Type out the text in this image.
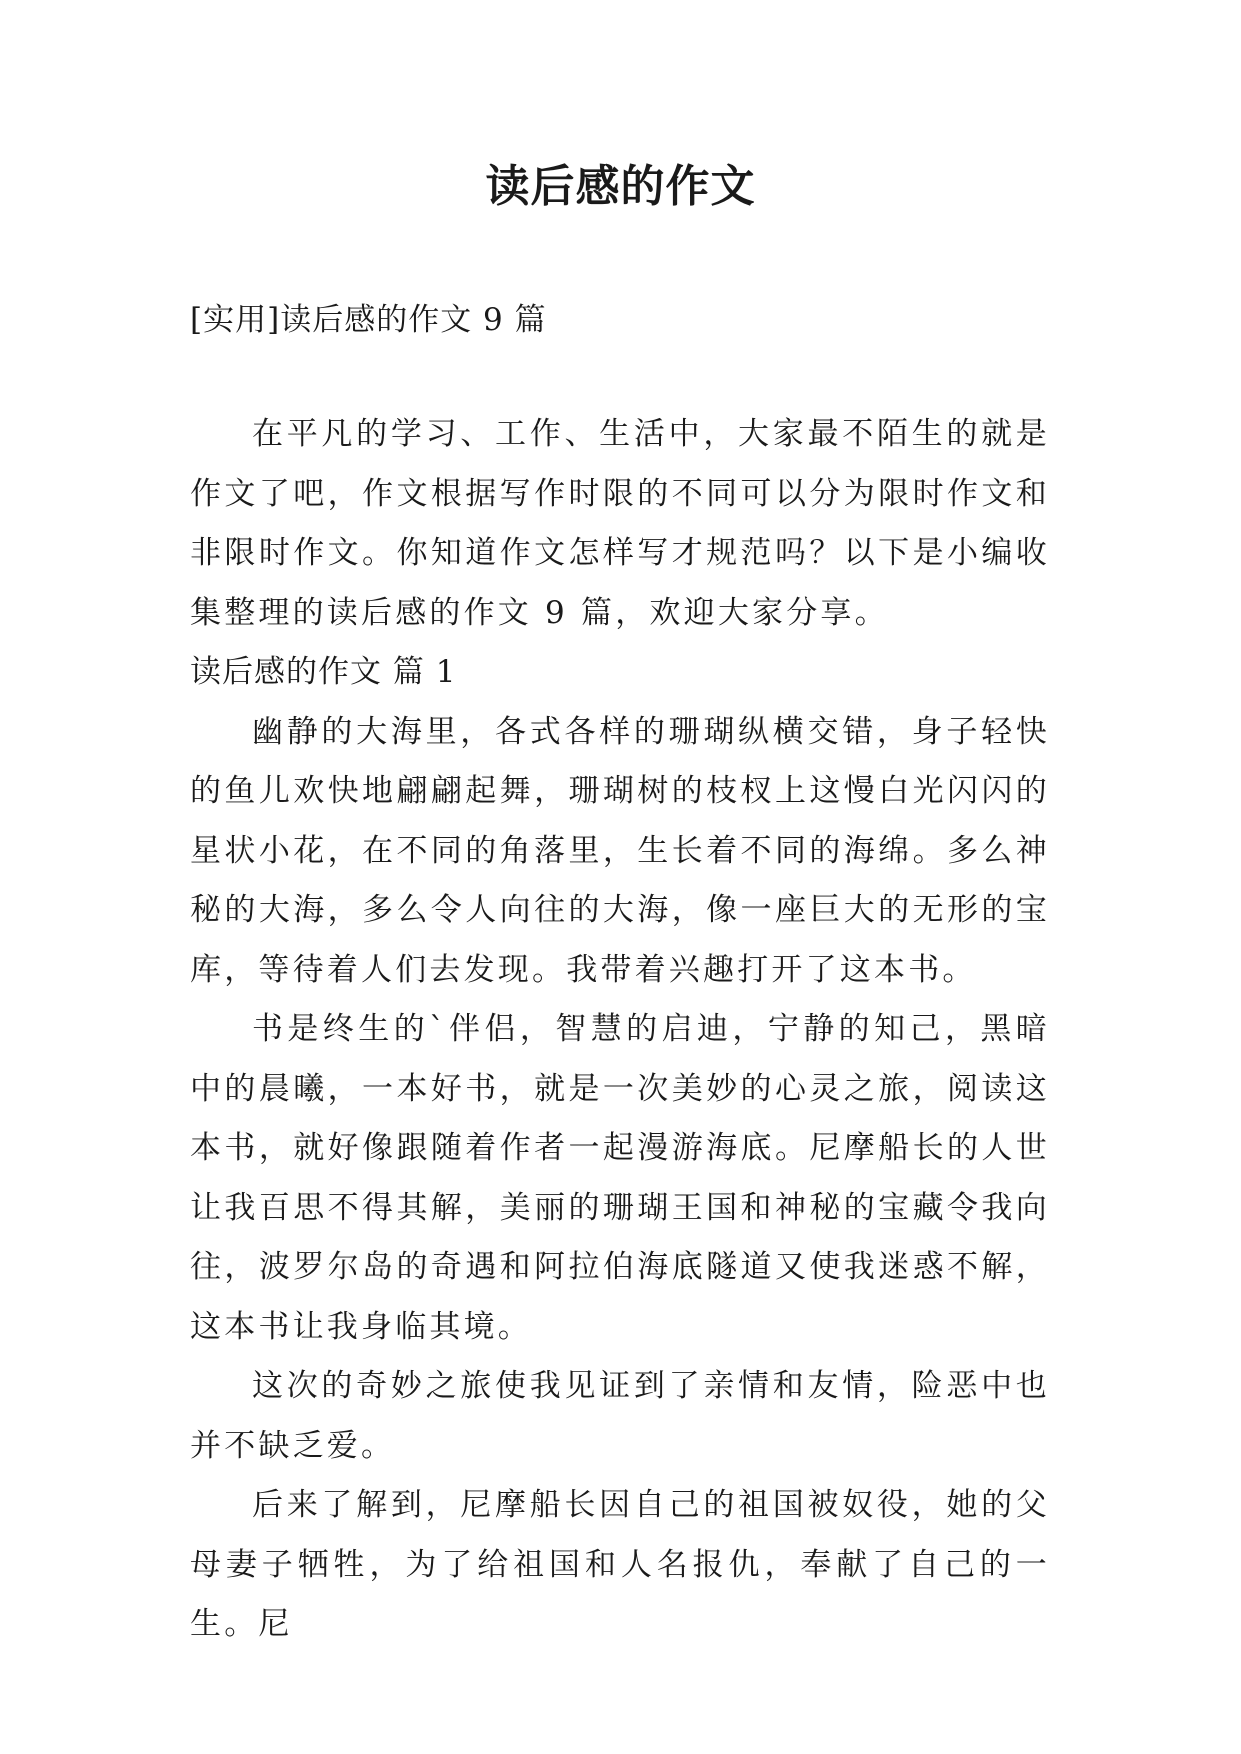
读后感的作文

[实用]读后感的作文 9 篇

在平凡的学习、工作、生活中，大家最不陌生的就是作文了吧，作文根据写作时限的不同可以分为限时作文和非限时作文。你知道作文怎样写才规范吗？以下是小编收集整理的读后感的作文 9 篇，欢迎大家分享。

读后感的作文 篇 1

幽静的大海里，各式各样的珊瑚纵横交错，身子轻快的鱼儿欢快地翩翩起舞，珊瑚树的枝杈上这慢白光闪闪的星状小花，在不同的角落里，生长着不同的海绵。多么神秘的大海，多么令人向往的大海，像一座巨大的无形的宝库，等待着人们去发现。我带着兴趣打开了这本书。

书是终生的`伴侣，智慧的启迪，宁静的知己，黑暗中的晨曦，一本好书，就是一次美妙的心灵之旅，阅读这本书，就好像跟随着作者一起漫游海底。尼摩船长的人世让我百思不得其解，美丽的珊瑚王国和神秘的宝藏令我向往，波罗尔岛的奇遇和阿拉伯海底隧道又使我迷惑不解，这本书让我身临其境。

这次的奇妙之旅使我见证到了亲情和友情，险恶中也并不缺乏爱。

后来了解到，尼摩船长因自己的祖国被奴役，她的父母妻子牺牲，为了给祖国和人名报仇，奉献了自己的一生。尼
